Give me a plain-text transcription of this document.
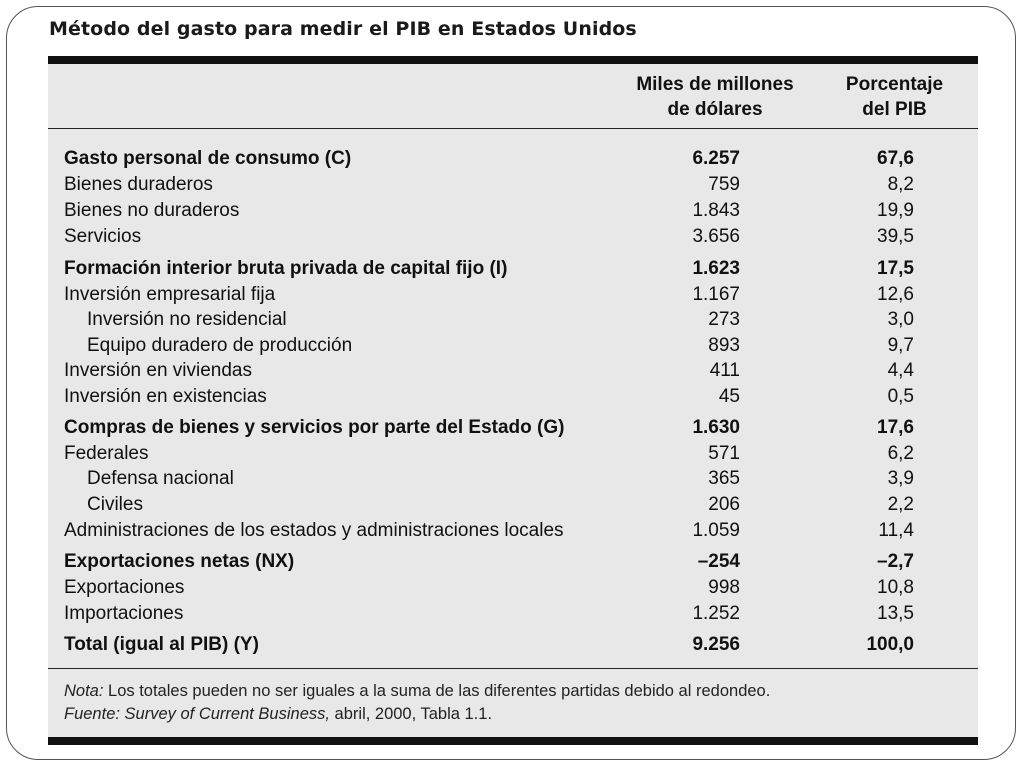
Método del gasto para medir el PIB en Estados Unidos
Miles de millones
de dólares
Porcentaje
del PIB
Gasto personal de consumo (C)	6.257	67,6
Bienes duraderos	759	8,2
Bienes no duraderos	1.843	19,9
Servicios	3.656	39,5
Formación interior bruta privada de capital fijo (I)	1.623	17,5
Inversión empresarial fija	1.167	12,6
Inversión no residencial	273	3,0
Equipo duradero de producción	893	9,7
Inversión en viviendas	411	4,4
Inversión en existencias	45	0,5
Compras de bienes y servicios por parte del Estado (G)	1.630	17,6
Federales	571	6,2
Defensa nacional	365	3,9
Civiles	206	2,2
Administraciones de los estados y administraciones locales	1.059	11,4
Exportaciones netas (NX)	–254	–2,7
Exportaciones	998	10,8
Importaciones	1.252	13,5
Total (igual al PIB) (Y)	9.256	100,0
Nota: Los totales pueden no ser iguales a la suma de las diferentes partidas debido al redondeo.
Fuente: Survey of Current Business, abril, 2000, Tabla 1.1.
